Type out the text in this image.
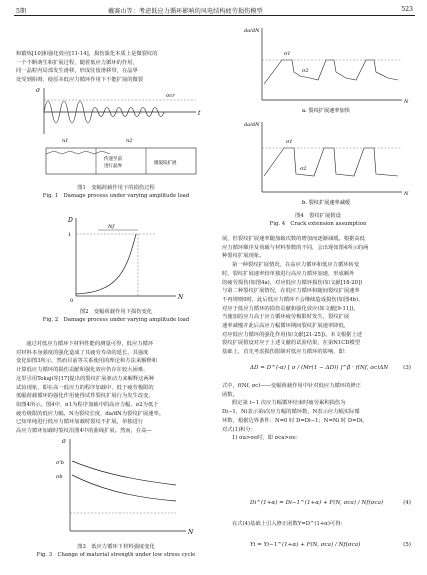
5期	戴赛山等：考虑低应力循环影响的风电结构疲劳损伤模型	523

和锻炼[10]和强化效应[11-14]，损伤演化本质上是微裂纹的

一个不断萌生和扩展过程，随着低应力循环的作用，

同一晶粒内局部发生滑移，形成驻留滑移带，在晶界

处受到阻碍，使原本低应力循环作用下不能扩展的微裂

σ
t
σcr
n1	n2
传递至前
进行晶界
微裂纹扩展

图1　变幅荷载作用下的损伤过程

Fig. 1　Damage process under varying amplitude load

D
1
0	N
Nf

图2　变幅荷载作用下损伤变化

Fig. 2　Damage process under varying amplitude load

通过对低应力循环下材料性能的测量可得，低应力循环

对材料本身强度的强化造成了其疲劳寿命的延长，其强度

变化如图3所示，然而目前等关系使用的理论和方法来解释和

计算低应力循环的损伤贡献和强化效应仍存在较大困难，

这里引用Tokaji等[17]提出的裂纹扩展驱动力来解释这两种

试验现象，即在高一低应力的程序加载中，低于疲劳极限的

低幅荷载循环的强化作用使得试件裂纹扩展行为发生改变，

如图4所示。图4中，σ1为程序加载中的高应力幅，σ2为低于

疲劳极限的低应力幅，N为裂纹长度，da/dN为裂纹扩展速率。

已知单纯进行低应力循环加载时裂纹不扩展，单独进行

高应力循环加载时裂纹沿图4中的曲线扩展。然而，在高—

σ
N
σ'b
σb

图3　低应力循环下材料强度变化

Fig. 3　Change of material strength under low stress cycle

da/dN
N
σ1
σ2
a. 裂纹扩展速率加快
da/dN
N
σ1
σ2
b. 裂纹扩展速率减缓

图4　裂纹扩展假设

Fig. 4　Crack extension assumption

展，但裂纹扩展速率随加载次数的增加而逐渐减缓。根据高低

应力循环顺序及荷载与材料参数的不同，会出现如图4所示的两

种裂纹扩展现象。

第一种裂纹扩展情况，在高应力循环和低应力循环转变

时，裂纹扩展速率较单独进行高应力循环加速，形成额外

的疲劳损伤(如图4a)，对应低应力循环损伤(如文献[18-20])

与第二种裂纹扩展情况，在低应力循环和随间裂纹扩展速率

不再规则0时，此后低应力循环不会继续造成损伤(如图4b)，

对应于低应力循环的损伤贡献和强化效应(如文献[9-11])。

当施加的应力高于应力循环疲劳极限时发生，裂纹扩展

速率减慢并此后高应力幅循环期间裂纹扩展速率降低，

对应低应力循环的强化作用(如文献[21-25])。本文根据上述

裂纹扩展假设对应于上述文献的试验结果，在第N1CD模型

基础上，首先考虑损伤限制对低应力循环的影响，即：

ΔD = D^(-α) [ σ / (Mr(1 − ΔD)) ]^β · f(Nf, σc)ΔN	(3)

式中，f(Nf, σc)——变幅荷载作用中针对低应力循环的修正

函数。

假定第 i−1 次应力幅循环结束时疲劳累积损伤为

Di−1，Ni表示第i次应力幅的循环数，N表示应力幅实际循

环数，根据边界条件：N=0 时 D=Di−1；N=Ni 时 D=Di，

对式(1)积分：

1) σa>σe时，即 σca>σe：

Di^(1+α) = Di−1^(1+α) + F(N, σca) / Nf(σca)	(4)

在式(4)基础上引入修正函数Y=D^(1+α)可得：

Yi = Yi−1^(1+α) + F(N, σca) / Nf(σca)	(5)
